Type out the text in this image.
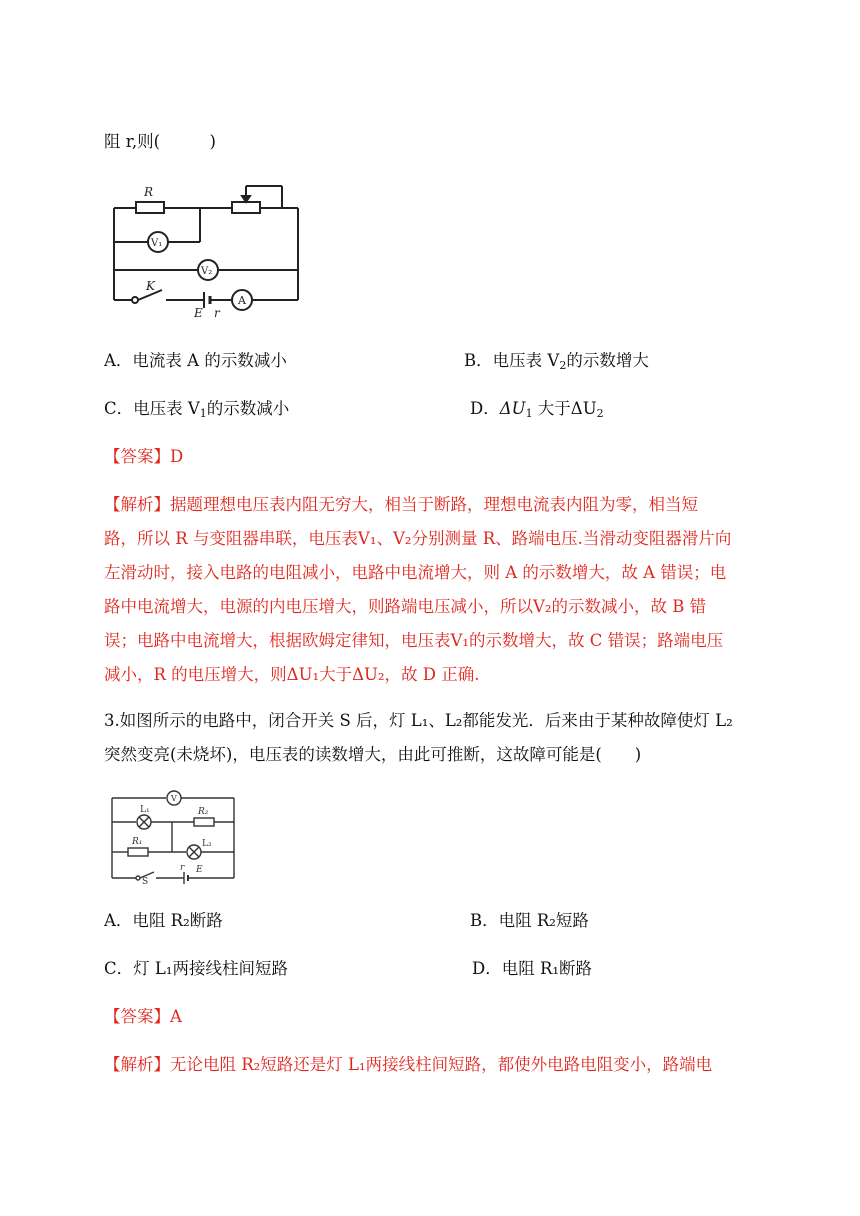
阻 r,则(　　　)
R
V₁
V₂
K
E r
A
A．电流表 A 的示数减小	B．电压表 $V_2$的示数增大
C．电压表 $V_1$的示数减小	D．$\Delta U_1$ 大于$\Delta U_2$
【答案】D
【解析】据题理想电压表内阻无穷大，相当于断路，理想电流表内阻为零，相当短
路，所以 R 与变阻器串联，电压表V₁、V₂分别测量 R、路端电压.当滑动变阻器滑片向
左滑动时，接入电路的电阻减小，电路中电流增大，则 A 的示数增大，故 A 错误；电
路中电流增大，电源的内电压增大，则路端电压减小，所以V₂的示数减小，故 B 错
误；电路中电流增大，根据欧姆定律知，电压表V₁的示数增大，故 C 错误；路端电压
减小，R 的电压增大，则ΔU₁大于ΔU₂，故 D 正确.
3.如图所示的电路中，闭合开关 S 后，灯 L₁、L₂都能发光．后来由于某种故障使灯 L₂
突然变亮(未烧坏)，电压表的读数增大，由此可推断，这故障可能是(　　)
V
L₁	R₂
R₁	L₂
S
r E
A．电阻 R₂断路	B．电阻 R₂短路
C．灯 L₁两接线柱间短路	D．电阻 R₁断路
【答案】A
【解析】无论电阻 R₂短路还是灯 L₁两接线柱间短路，都使外电路电阻变小，路端电
